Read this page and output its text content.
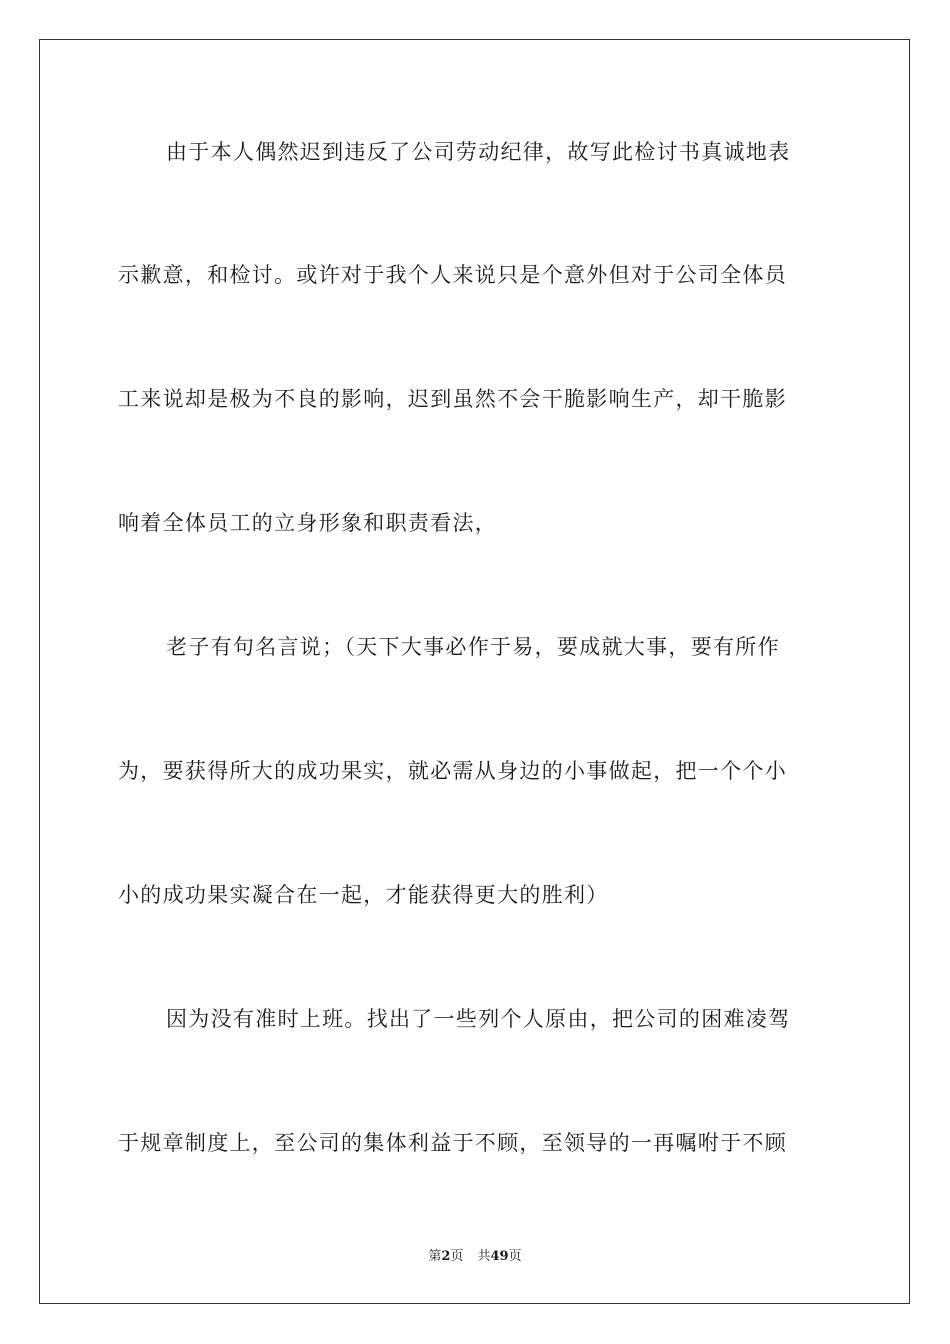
由于本人偶然迟到违反了公司劳动纪律，故写此检讨书真诚地表
示歉意，和检讨。或许对于我个人来说只是个意外但对于公司全体员
工来说却是极为不良的影响，迟到虽然不会干脆影响生产，却干脆影
响着全体员工的立身形象和职责看法，
老子有句名言说；（天下大事必作于易，要成就大事，要有所作
为，要获得所大的成功果实，就必需从身边的小事做起，把一个个小
小的成功果实凝合在一起，才能获得更大的胜利）
因为没有准时上班。找出了一些列个人原由，把公司的困难凌驾
于规章制度上，至公司的集体利益于不顾，至领导的一再嘱咐于不顾
第2页 共49页
